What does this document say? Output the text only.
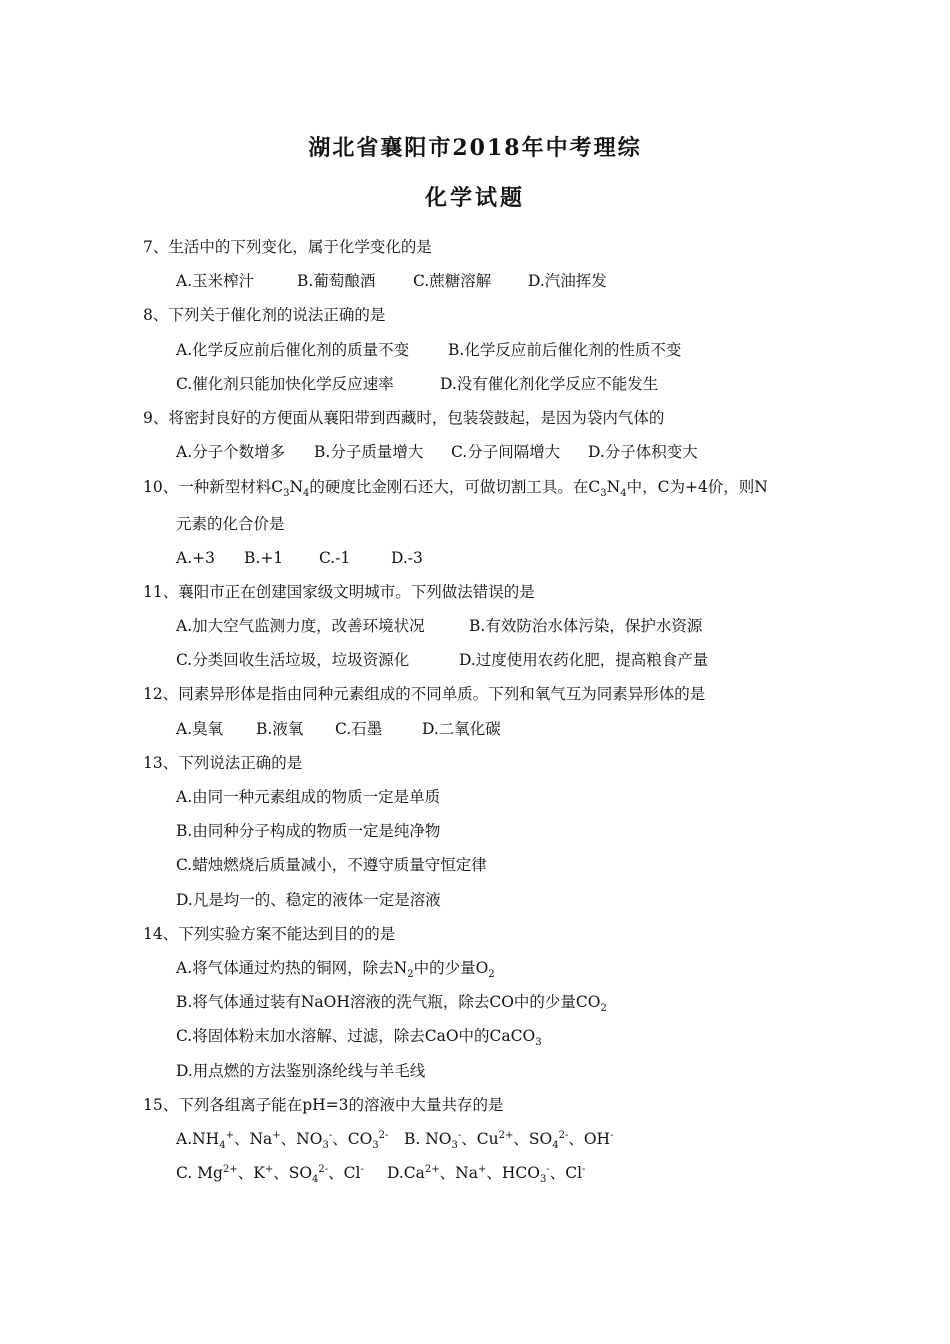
湖北省襄阳市2018年中考理综
化学试题
7、生活中的下列变化，属于化学变化的是
A.玉米榨汁	B.葡萄酿酒 C.蔗糖溶解 D.汽油挥发
8、下列关于催化剂的说法正确的是
A.化学反应前后催化剂的质量不变	B.化学反应前后催化剂的性质不变
C.催化剂只能加快化学反应速率	D.没有催化剂化学反应不能发生
9、将密封良好的方便面从襄阳带到西藏时，包装袋鼓起，是因为袋内气体的
A.分子个数增多 B.分子质量增大 C.分子间隔增大 D.分子体积变大
10、一种新型材料$C_3N_4$的硬度比金刚石还大，可做切割工具。在$C_3N_4$中，C为+4价，则N
元素的化合价是
A.+3 B.+1 C.-1	D.-3
11、襄阳市正在创建国家级文明城市。下列做法错误的是
A.加大空气监测力度，改善环境状况	B.有效防治水体污染，保护水资源
C.分类回收生活垃圾，垃圾资源化	D.过度使用农药化肥，提高粮食产量
12、同素异形体是指由同种元素组成的不同单质。下列和氧气互为同素异形体的是
A.臭氧 B.液氧 C.石墨	D.二氧化碳
13、下列说法正确的是
A.由同一种元素组成的物质一定是单质
B.由同种分子构成的物质一定是纯净物
C.蜡烛燃烧后质量减小，不遵守质量守恒定律
D.凡是均一的、稳定的液体一定是溶液
14、下列实验方案不能达到目的的是
A.将气体通过灼热的铜网，除去$N_2$中的少量$O_2$
B.将气体通过装有NaOH溶液的洗气瓶，除去CO中的少量$CO_2$
C.将固体粉末加水溶解、过滤，除去CaO中的CaCO$_3$
D.用点燃的方法鉴别涤纶线与羊毛线
15、下列各组离子能在pH=3的溶液中大量共存的是
$A.NH_4^+$、Na+、$NO_3^-$、$CO_3^{2-}$ B. $NO_3^-$、$Cu^{2+}$、$SO_4^{2-}$、OH-
C. $Mg^{2+}$、K+、$SO_4^{2-}$、Cl- $D.Ca^{2+}$、Na+、$HCO_3^-$、Cl-
